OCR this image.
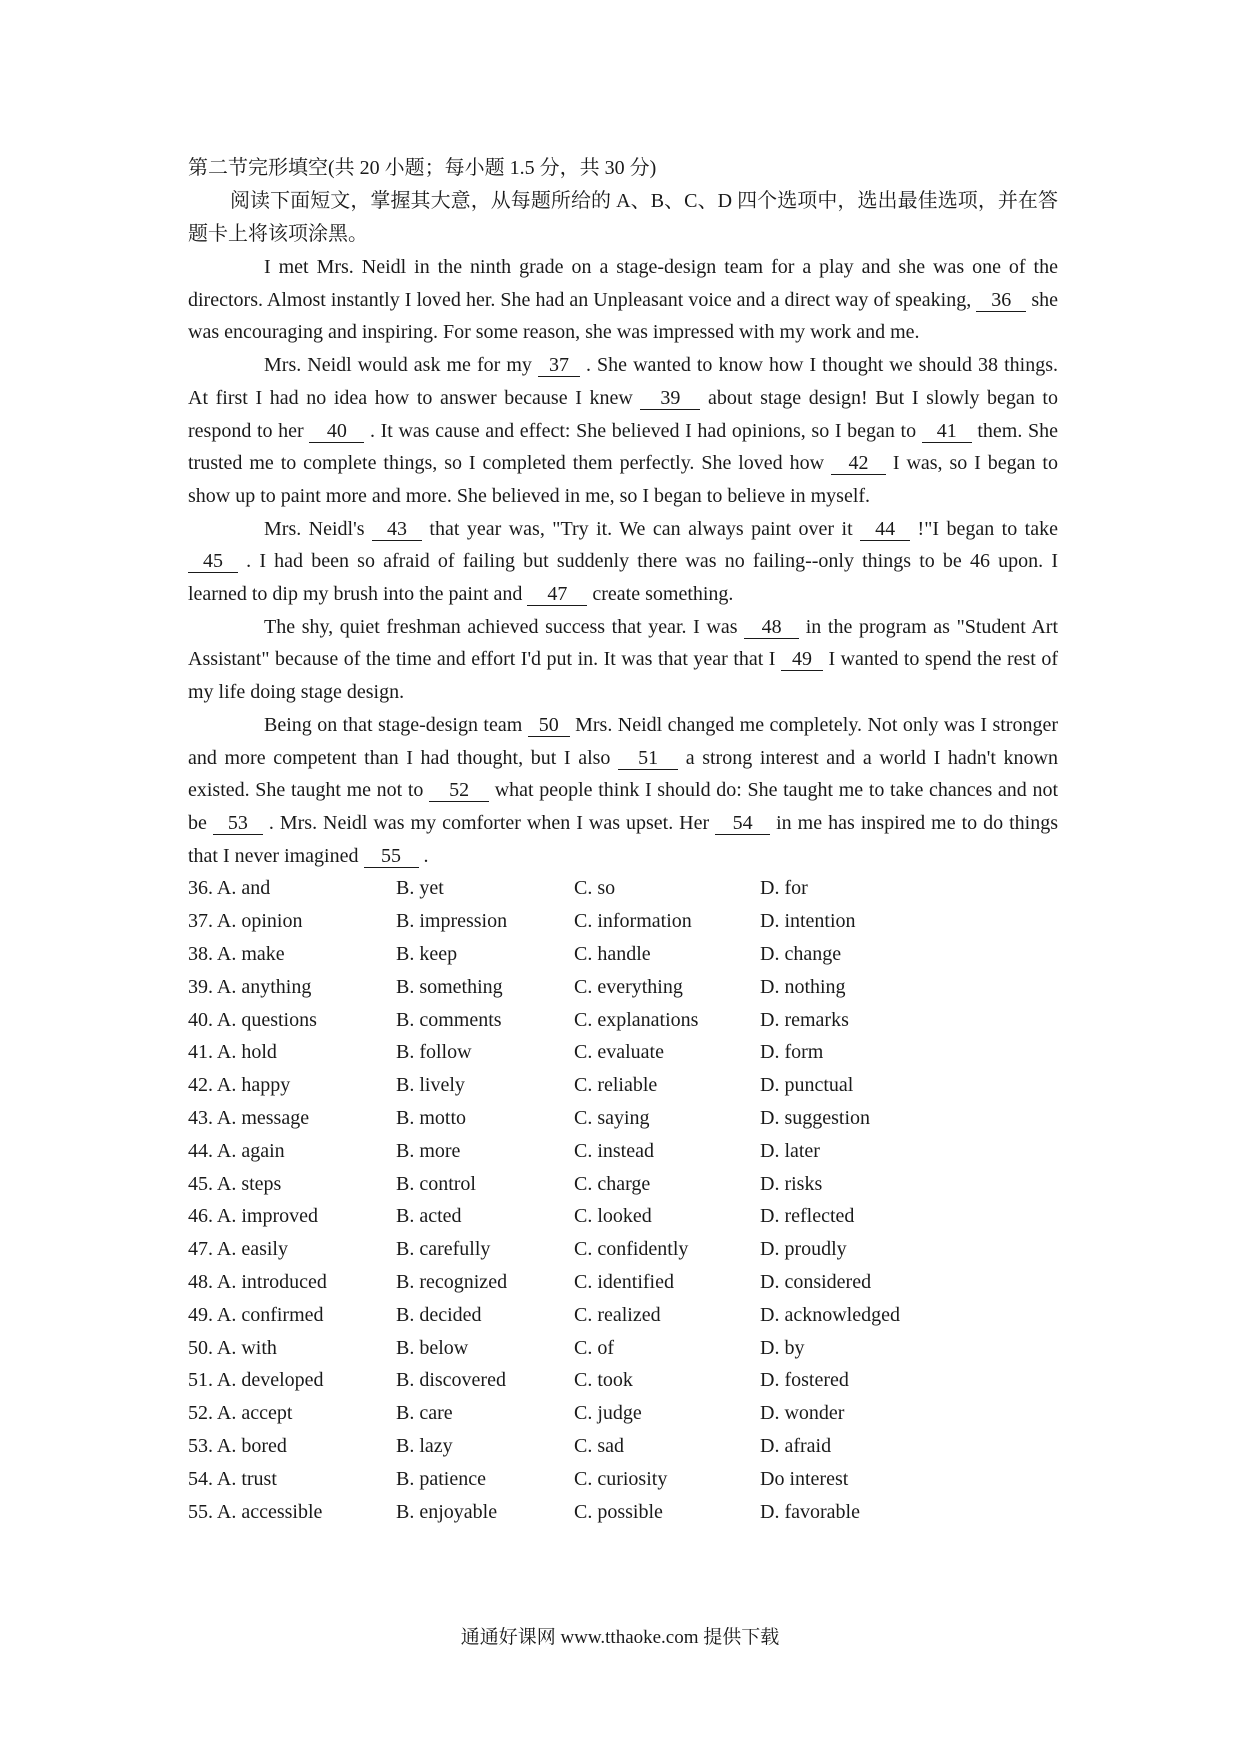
第二节完形填空(共 20 小题；每小题 1.5 分，共 30 分)

阅读下面短文，掌握其大意，从每题所给的 A、B、C、D 四个选项中，选出最佳选项，并在答题卡上将该项涂黑。

I met Mrs. Neidl in the ninth grade on a stage-design team for a play and she was one of the directors. Almost instantly I loved her. She had an Unpleasant voice and a direct way of speaking, 36 she was encouraging and inspiring. For some reason, she was impressed with my work and me.

Mrs. Neidl would ask me for my 37 . She wanted to know how I thought we should 38 things. At first I had no idea how to answer because I knew 39 about stage design! But I slowly began to respond to her 40 . It was cause and effect: She believed I had opinions, so I began to 41 them. She trusted me to complete things, so I completed them perfectly. She loved how 42 I was, so I began to show up to paint more and more. She believed in me, so I began to believe in myself.

Mrs. Neidl's 43 that year was, "Try it. We can always paint over it 44 !"I began to take 45 . I had been so afraid of failing but suddenly there was no failing--only things to be 46 upon. I learned to dip my brush into the paint and 47 create something.

The shy, quiet freshman achieved success that year. I was 48 in the program as "Student Art Assistant" because of the time and effort I'd put in. It was that year that I 49 I wanted to spend the rest of my life doing stage design.

Being on that stage-design team 50 Mrs. Neidl changed me completely. Not only was I stronger and more competent than I had thought, but I also 51 a strong interest and a world I hadn't known existed. She taught me not to 52 what people think I should do: She taught me to take chances and not be 53 . Mrs. Neidl was my comforter when I was upset. Her 54 in me has inspired me to do things that I never imagined 55 .

36. A. and	B. yet	C. so	D. for
37. A. opinion	B. impression	C. information	D. intention
38. A. make	B. keep	C. handle	D. change
39. A. anything	B. something	C. everything	D. nothing
40. A. questions	B. comments	C. explanations	D. remarks
41. A. hold	B. follow	C. evaluate	D. form
42. A. happy	B. lively	C. reliable	D. punctual
43. A. message	B. motto	C. saying	D. suggestion
44. A. again	B. more	C. instead	D. later
45. A. steps	B. control	C. charge	D. risks
46. A. improved	B. acted	C. looked	D. reflected
47. A. easily	B. carefully	C. confidently	D. proudly
48. A. introduced	B. recognized	C. identified	D. considered
49. A. confirmed	B. decided	C. realized	D. acknowledged
50. A. with	B. below	C. of	D. by
51. A. developed	B. discovered	C. took	D. fostered
52. A. accept	B. care	C. judge	D. wonder
53. A. bored	B. lazy	C. sad	D. afraid
54. A. trust	B. patience	C. curiosity	Do interest
55. A. accessible	B. enjoyable	C. possible	D. favorable
通通好课网 www.tthaoke.com 提供下载
